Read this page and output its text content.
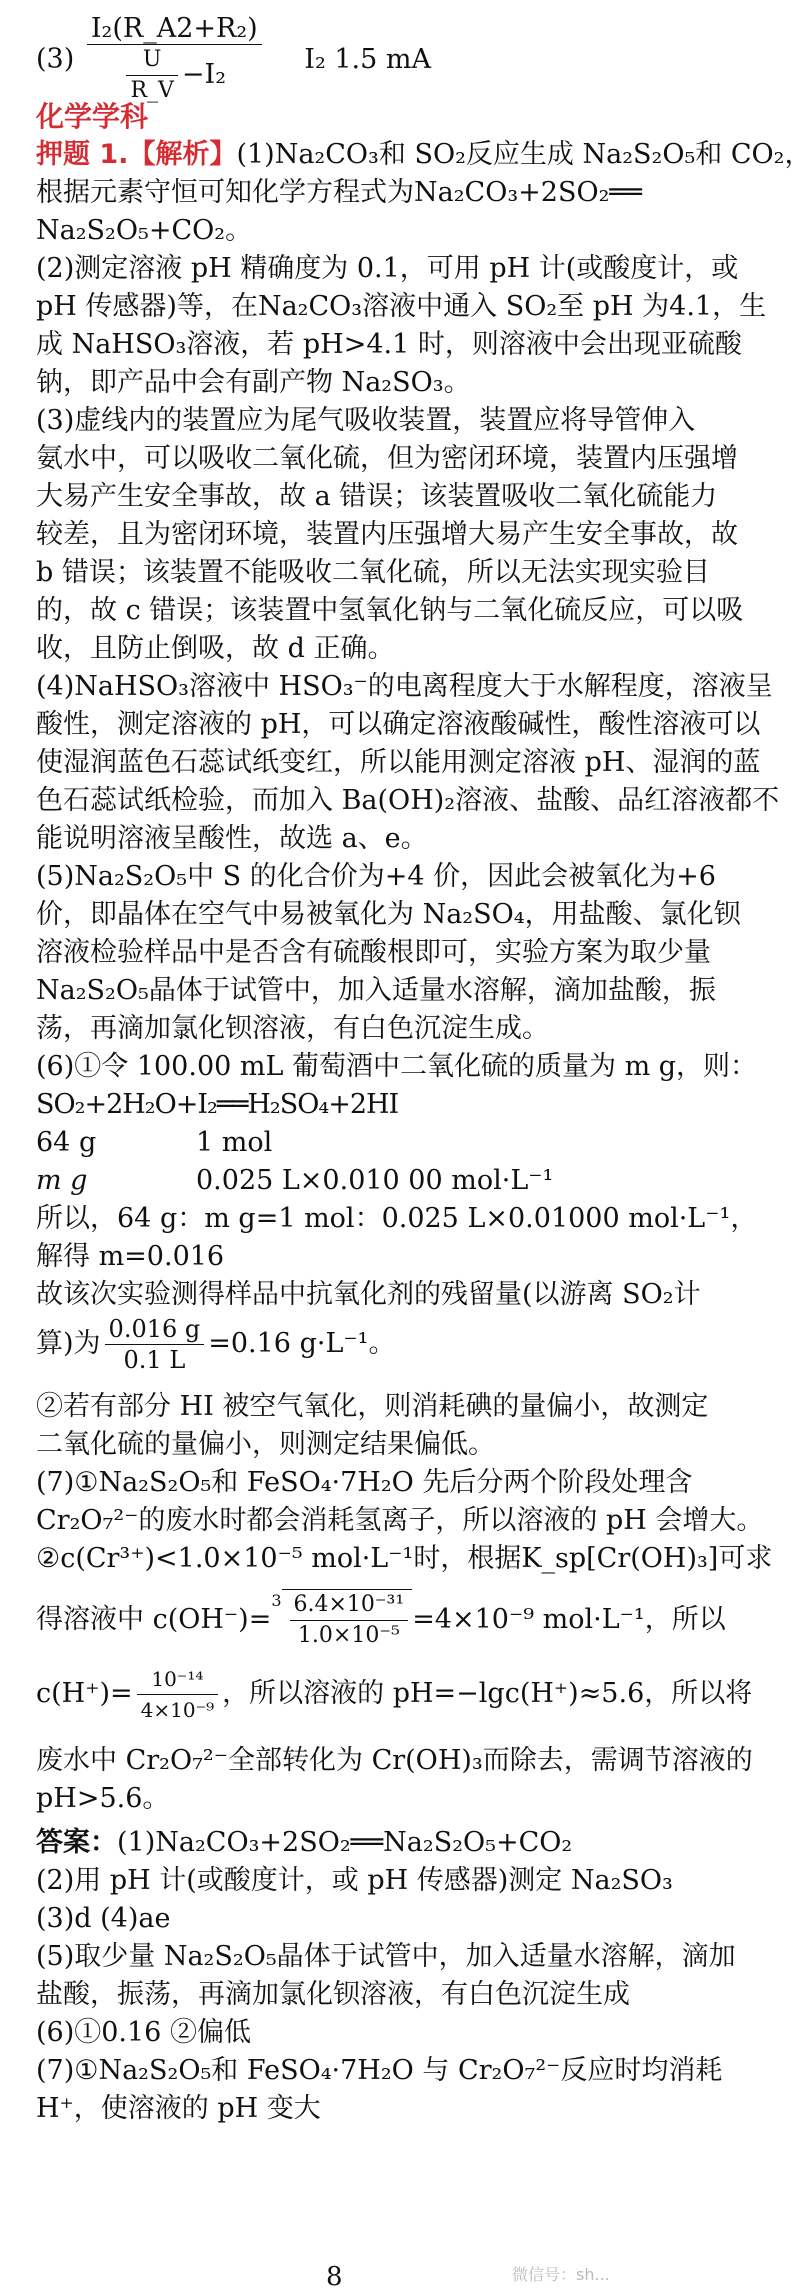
$(3) \frac{\text{I₂(R\_A2+R₂)}}{\frac{U}{R\_V} -I_2} I_2$ 1.5 mA
化学学科
押题 1.【解析】(1)Na₂CO₃和 SO₂反应生成 Na₂S₂O₅和 CO₂，
根据元素守恒可知化学方程式为Na₂CO₃+2SO₂══
Na₂S₂O₅+CO₂。
(2)测定溶液 pH 精确度为 0.1，可用 pH 计(或酸度计，或
pH 传感器)等，在Na₂CO₃溶液中通入 SO₂至 pH 为4.1，生
成 NaHSO₃溶液，若 pH>4.1 时，则溶液中会出现亚硫酸
钠，即产品中会有副产物 Na₂SO₃。
(3)虚线内的装置应为尾气吸收装置，装置应将导管伸入
氨水中，可以吸收二氧化硫，但为密闭环境，装置内压强增
大易产生安全事故，故 a 错误；该装置吸收二氧化硫能力
较差，且为密闭环境，装置内压强增大易产生安全事故，故
b 错误；该装置不能吸收二氧化硫，所以无法实现实验目
的，故 c 错误；该装置中氢氧化钠与二氧化硫反应，可以吸
收，且防止倒吸，故 d 正确。
(4)NaHSO₃溶液中 HSO₃⁻的电离程度大于水解程度，溶液呈
酸性，测定溶液的 pH，可以确定溶液酸碱性，酸性溶液可以
使湿润蓝色石蕊试纸变红，所以能用测定溶液 pH、湿润的蓝
色石蕊试纸检验，而加入 Ba(OH)₂溶液、盐酸、品红溶液都不
能说明溶液呈酸性，故选 a、e。
(5)Na₂S₂O₅中 S 的化合价为+4 价，因此会被氧化为+6
价，即晶体在空气中易被氧化为 Na₂SO₄，用盐酸、氯化钡
溶液检验样品中是否含有硫酸根即可，实验方案为取少量
Na₂S₂O₅晶体于试管中，加入适量水溶解，滴加盐酸，振
荡，再滴加氯化钡溶液，有白色沉淀生成。
(6)①令 100.00 mL 葡萄酒中二氧化硫的质量为 m g，则：
SO₂+2H₂O+I₂══H₂SO₄+2HI
64 g	1 mol
m g	0.025 L×0.010 00 mol·L⁻¹
所以，64 g：m g=1 mol：0.025 L×0.01000 mol·L⁻¹，
解得 m=0.016
故该次实验测得样品中抗氧化剂的残留量(以游离 SO₂计
算)为 $\frac{0.016 g}{0.1 L} =0.16$ g·L⁻¹。
②若有部分 HI 被空气氧化，则消耗碘的量偏小，故测定
二氧化硫的量偏小，则测定结果偏低。
(7)①Na₂S₂O₅和 FeSO₄·7H₂O 先后分两个阶段处理含
Cr₂O₇²⁻的废水时都会消耗氢离子，所以溶液的 pH 会增大。
②c(Cr³⁺)<1.0×10⁻⁵ mol·L⁻¹时，根据K_sp[Cr(OH)₃]可求
得溶液中 $c(OH^-)=^3 \frac{\text{6.4×10⁻³¹}}{\text{1.0×10⁻⁵}} =4\times 10^{-9}$ mol·L⁻¹，所以
$c(H^+)= \frac{\text{10⁻¹⁴}}{\text{4×10⁻⁹}}$ ，所以溶液的 pH=−lgc(H⁺)≈5.6，所以将
废水中 Cr₂O₇²⁻全部转化为 Cr(OH)₃而除去，需调节溶液的
pH>5.6。
答案：(1)Na₂CO₃+2SO₂══Na₂S₂O₅+CO₂
(2)用 pH 计(或酸度计，或 pH 传感器)测定 Na₂SO₃
(3)d (4)ae
(5)取少量 Na₂S₂O₅晶体于试管中，加入适量水溶解，滴加
盐酸，振荡，再滴加氯化钡溶液，有白色沉淀生成
(6)①0.16 ②偏低
(7)①Na₂S₂O₅和 FeSO₄·7H₂O 与 Cr₂O₇²⁻反应时均消耗
H⁺，使溶液的 pH 变大
8	微信号：sh...
